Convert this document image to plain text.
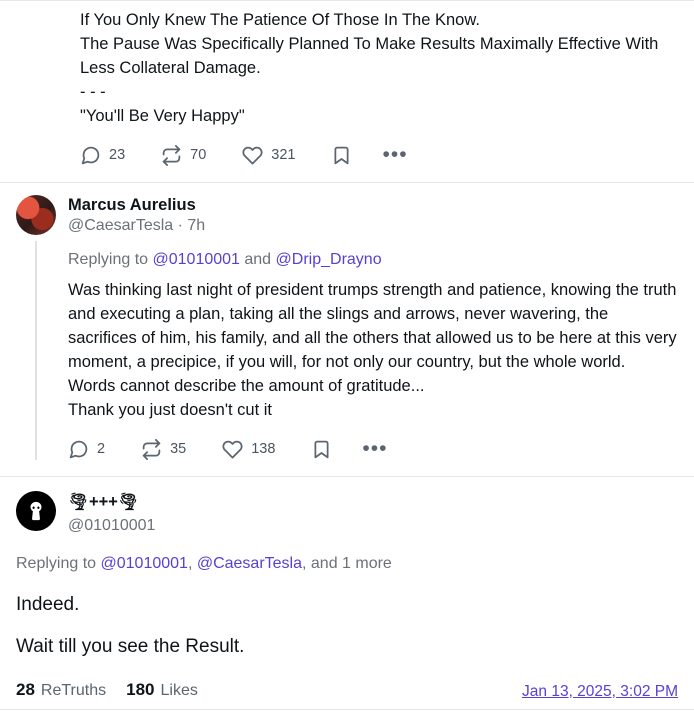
If You Only Knew The Patience Of Those In The Know.
The Pause Was Specifically Planned To Make Results Maximally Effective With Less Collateral Damage.
- - -
"You'll Be Very Happy"
23	70	321	•••
Marcus Aurelius
@CaesarTesla · 7h
Replying to @01010001 and @Drip_Drayno
Was thinking last night of president trumps strength and patience, knowing the truth and executing a plan, taking all the slings and arrows, never wavering, the sacrifices of him, his family, and all the others that allowed us to be here at this very moment, a precipice, if you will, for not only our country, but the whole world.
Words cannot describe the amount of gratitude...
Thank you just doesn't cut it
2	35	138	•••
🌪+++🌪
@01010001
Replying to @01010001, @CaesarTesla, and 1 more
Indeed.
Wait till you see the Result.
28 ReTruths 180 Likes	Jan 13, 2025, 3:02 PM
